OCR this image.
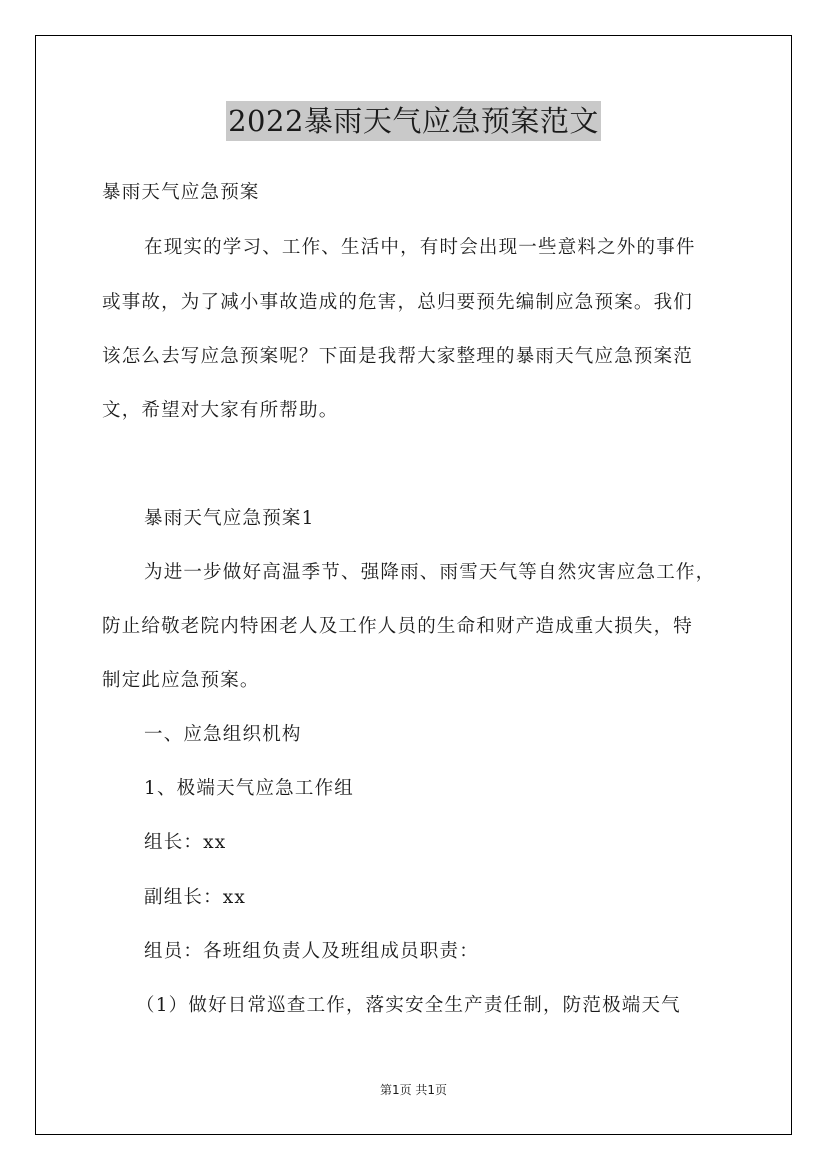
2022暴雨天气应急预案范文
暴雨天气应急预案
在现实的学习、工作、生活中，有时会出现一些意料之外的事件
或事故，为了减小事故造成的危害，总归要预先编制应急预案。我们
该怎么去写应急预案呢？下面是我帮大家整理的暴雨天气应急预案范
文，希望对大家有所帮助。
暴雨天气应急预案1
为进一步做好高温季节、强降雨、雨雪天气等自然灾害应急工作，
防止给敬老院内特困老人及工作人员的生命和财产造成重大损失，特
制定此应急预案。
一、应急组织机构
1、极端天气应急工作组
组长：xx
副组长：xx
组员：各班组负责人及班组成员职责：
（1）做好日常巡查工作，落实安全生产责任制，防范极端天气
第1页 共1页
